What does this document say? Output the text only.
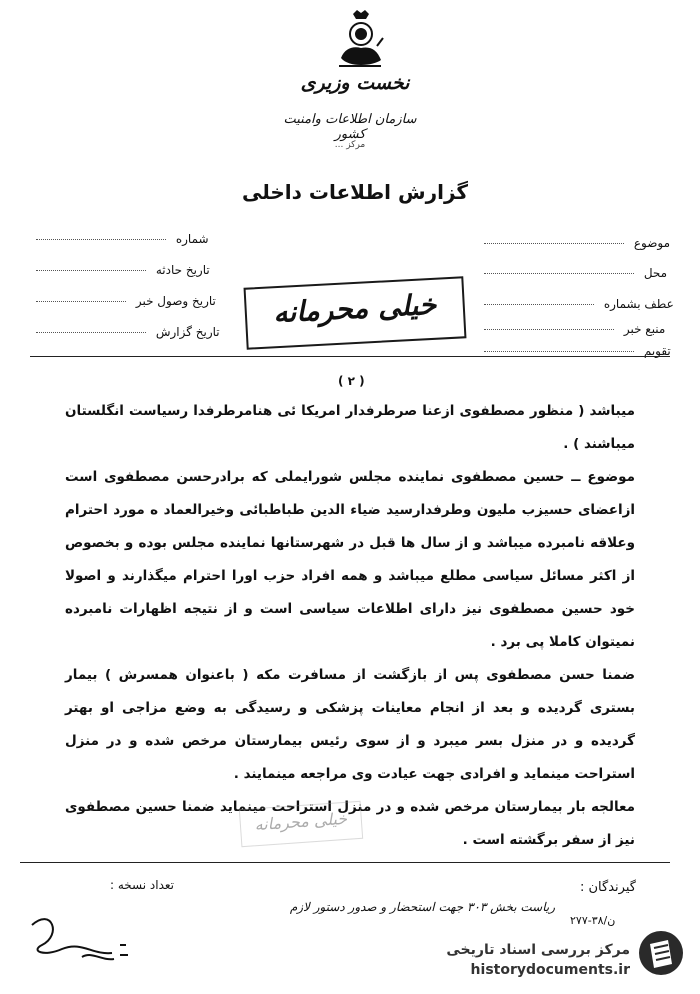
نخست وزیری
سازمان اطلاعات وامنیت کشور
مرکز ...
گزارش اطلاعات داخلی
شماره
تاریخ حادثه
تاریخ وصول خبر
تاریخ گزارش
موضوع
محل
عطف بشماره
منبع خبر
تقویم
خیلی محرمانه
( ۲ )

میباشد ( منظور مصطفوی ازعنا صرطرفدار امریکا ئی هنامرطرفدا رسیاست انگلستان میباشند ) .

موضوع ــ حسین مصطفوی نماینده مجلس شورایملی که برادرحسن مصطفوی است ازاعضای حسیزب ملیون وطرفدارسید ضیاء الدین طباطبائی وخیرالعماد ه مورد احترام وعلاقه نامبرده میباشد و از سال ها قبل در شهرستانها نماینده مجلس بوده و بخصوص از اکثر مسائل سیاسی مطلع میباشد و همه افراد حزب اورا احترام میگذارند و اصولا خود حسین مصطفوی نیز دارای اطلاعات سیاسی است و از نتیجه اظهارات نامبرده نمیتوان کاملا پی برد .

ضمنا حسن مصطفوی پس از بازگشت از مسافرت مکه ( باعنوان همسرش ) بیمار بستری گردیده و بعد از انجام معاینات پزشکی و رسیدگی به وضع مزاجی او بهتر گردیده و در منزل بسر میبرد و از سوی رئیس بیمارستان مرخص شده و در منزل استراحت مینماید و افرادی جهت عیادت وی مراجعه مینمایند .

معالجه بار بیمارستان مرخص شده و در منزل استراحت مینماید ضمنا حسین مصطفوی نیز از سفر برگشته است .

خیلی محرمانه
تعداد نسخه :	گیرندگان :
ریاست بخش ۳۰۳ جهت استحضار و صدور دستور لازم
۲۷۷-۳۸/ن
مرکز بررسی اسناد تاریخی
historydocuments.ir
